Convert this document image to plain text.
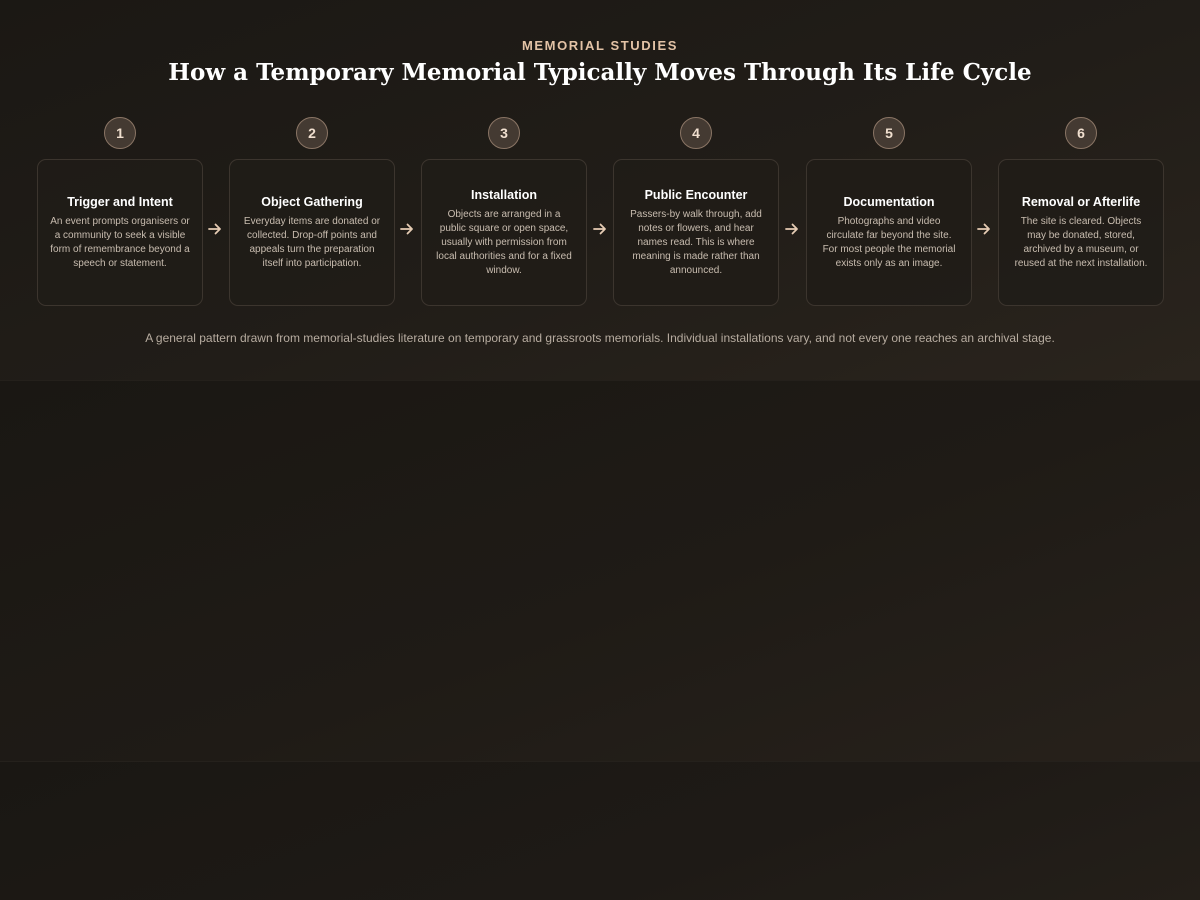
MEMORIAL STUDIES
How a Temporary Memorial Typically Moves Through Its Life Cycle
1
Trigger and Intent
An event prompts organisers or a community to seek a visible form of remembrance beyond a speech or statement.
2
Object Gathering
Everyday items are donated or collected. Drop-off points and appeals turn the preparation itself into participation.
3
Installation
Objects are arranged in a public square or open space, usually with permission from local authorities and for a fixed window.
4
Public Encounter
Passers-by walk through, add notes or flowers, and hear names read. This is where meaning is made rather than announced.
5
Documentation
Photographs and video circulate far beyond the site. For most people the memorial exists only as an image.
6
Removal or Afterlife
The site is cleared. Objects may be donated, stored, archived by a museum, or reused at the next installation.
A general pattern drawn from memorial-studies literature on temporary and grassroots memorials. Individual installations vary, and not every one reaches an archival stage.
